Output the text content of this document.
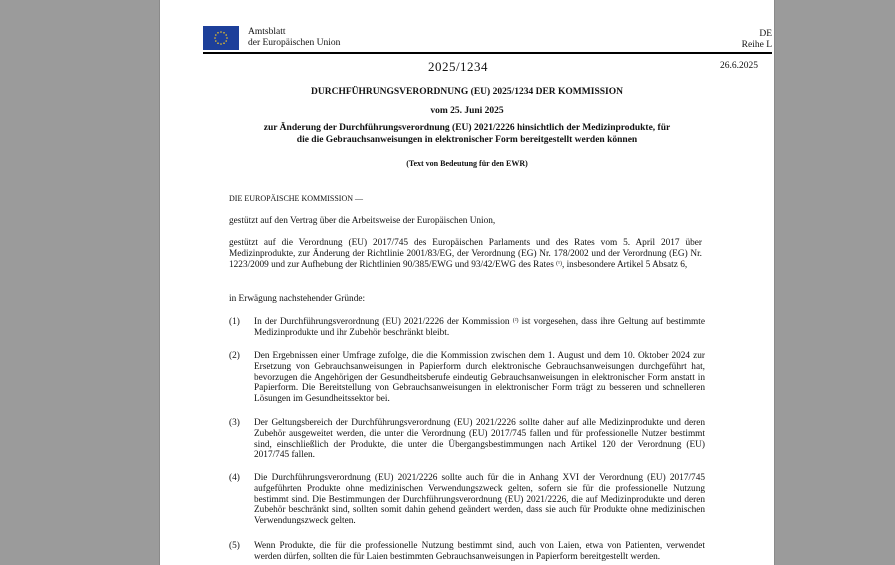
Amtsblatt
der Europäischen Union
DE
Reihe L
2025/1234	26.6.2025
DURCHFÜHRUNGSVERORDNUNG (EU) 2025/1234 DER KOMMISSION
vom 25. Juni 2025
zur Änderung der Durchführungsverordnung (EU) 2021/2226 hinsichtlich der Medizinprodukte, für
die die Gebrauchsanweisungen in elektronischer Form bereitgestellt werden können
(Text von Bedeutung für den EWR)
DIE EUROPÄISCHE KOMMISSION —
gestützt auf den Vertrag über die Arbeitsweise der Europäischen Union,
gestützt auf die Verordnung (EU) 2017/745 des Europäischen Parlaments und des Rates vom 5. April 2017 über Medizinprodukte, zur Änderung der Richtlinie 2001/83/EG, der Verordnung (EG) Nr. 178/2002 und der Verordnung (EG) Nr. 1223/2009 und zur Aufhebung der Richtlinien 90/385/EWG und 93/42/EWG des Rates $^{(^1)}$, insbesondere Artikel 5 Absatz 6,
in Erwägung nachstehender Gründe:
(1) In der Durchführungsverordnung (EU) 2021/2226 der Kommission $^{(^2)}$ ist vorgesehen, dass ihre Geltung auf bestimmte Medizinprodukte und ihr Zubehör beschränkt bleibt.
(2) Den Ergebnissen einer Umfrage zufolge, die die Kommission zwischen dem 1. August und dem 10. Oktober 2024 zur Ersetzung von Gebrauchsanweisungen in Papierform durch elektronische Gebrauchsanweisungen durchgeführt hat, bevorzugen die Angehörigen der Gesundheitsberufe eindeutig Gebrauchsanweisungen in elektronischer Form anstatt in Papierform. Die Bereitstellung von Gebrauchsanweisungen in elektronischer Form trägt zu besseren und schnelleren Lösungen im Gesundheitssektor bei.
(3) Der Geltungsbereich der Durchführungsverordnung (EU) 2021/2226 sollte daher auf alle Medizinprodukte und deren Zubehör ausgeweitet werden, die unter die Verordnung (EU) 2017/745 fallen und für professionelle Nutzer bestimmt sind, einschließlich der Produkte, die unter die Übergangsbestimmungen nach Artikel 120 der Verordnung (EU) 2017/745 fallen.
(4) Die Durchführungsverordnung (EU) 2021/2226 sollte auch für die in Anhang XVI der Verordnung (EU) 2017/745 aufgeführten Produkte ohne medizinischen Verwendungszweck gelten, sofern sie für die professionelle Nutzung bestimmt sind. Die Bestimmungen der Durchführungsverordnung (EU) 2021/2226, die auf Medizinprodukte und deren Zubehör beschränkt sind, sollten somit dahin gehend geändert werden, dass sie auch für Produkte ohne medizinischen Verwendungszweck gelten.
(5) Wenn Produkte, die für die professionelle Nutzung bestimmt sind, auch von Laien, etwa von Patienten, verwendet werden dürfen, sollten die für Laien bestimmten Gebrauchsanweisungen in Papierform bereitgestellt werden.
